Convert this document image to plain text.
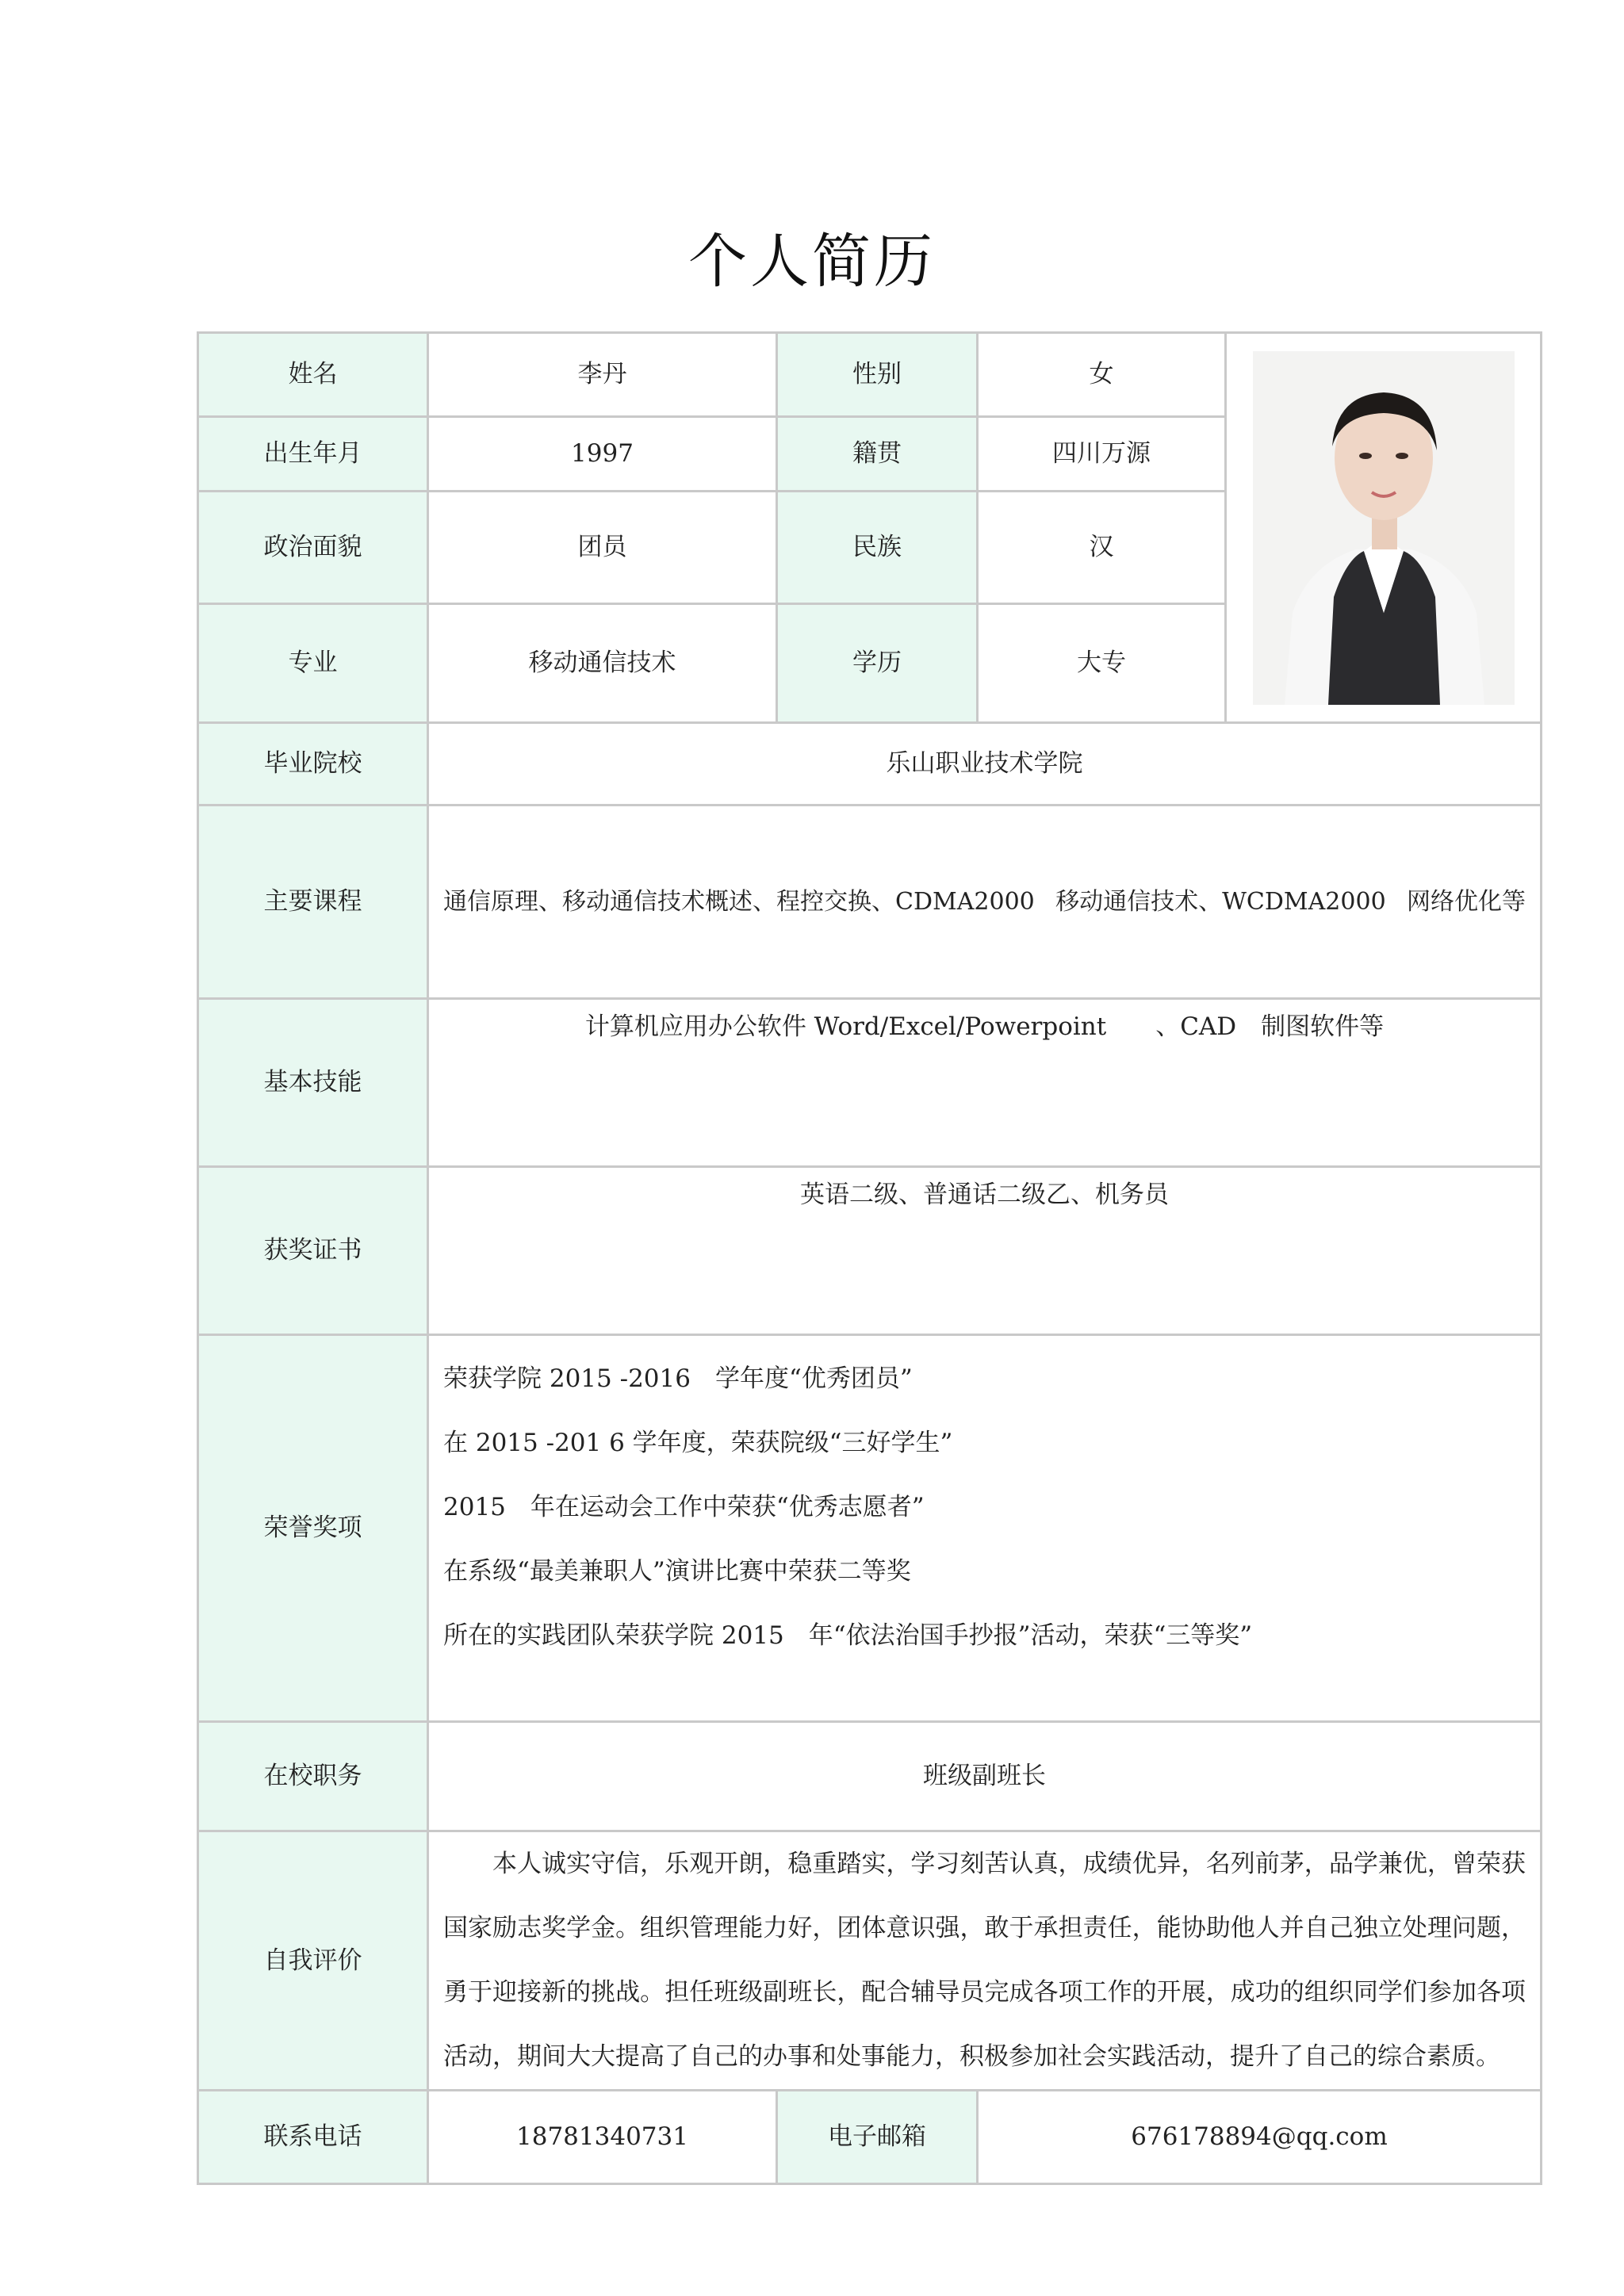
个人简历
姓名	李丹	性别	女	

出生年月	1997	籍贯	四川万源	
政治面貌	团员	民族	汉	
专业	移动通信技术	学历	大专	
毕业院校	乐山职业技术学院			
主要课程	通信原理、移动通信技术概述、程控交换、CDMA2000 移动通信技术、WCDMA2000 网络优化等			

基本技能	计算机应用办公软件 Word/Excel/Powerpoint　　、CAD　制图软件等			
获奖证书	英语二级、普通话二级乙、机务员			
荣誉奖项	荣获学院 2015 -2016　学年度“优秀团员”
在 2015 -201 6 学年度，荣获院级“三好学生”
2015　年在运动会工作中荣获“优秀志愿者”
在系级“最美兼职人”演讲比赛中荣获二等奖
所在的实践团队荣获学院 2015　年“依法治国手抄报”活动，荣获“三等奖”			

在校职务	班级副班长			
自我评价	本人诚实守信，乐观开朗，稳重踏实，学习刻苦认真，成绩优异，名列前茅，品学兼优，曾荣获国家励志奖学金。组织管理能力好，团体意识强，敢于承担责任，能协助他人并自己独立处理问题，勇于迎接新的挑战。担任班级副班长，配合辅导员完成各项工作的开展，成功的组织同学们参加各项活动，期间大大提高了自己的办事和处事能力，积极参加社会实践活动，提升了自己的综合素质。			

联系电话	18781340731	电子邮箱	676178894@qq.com	
